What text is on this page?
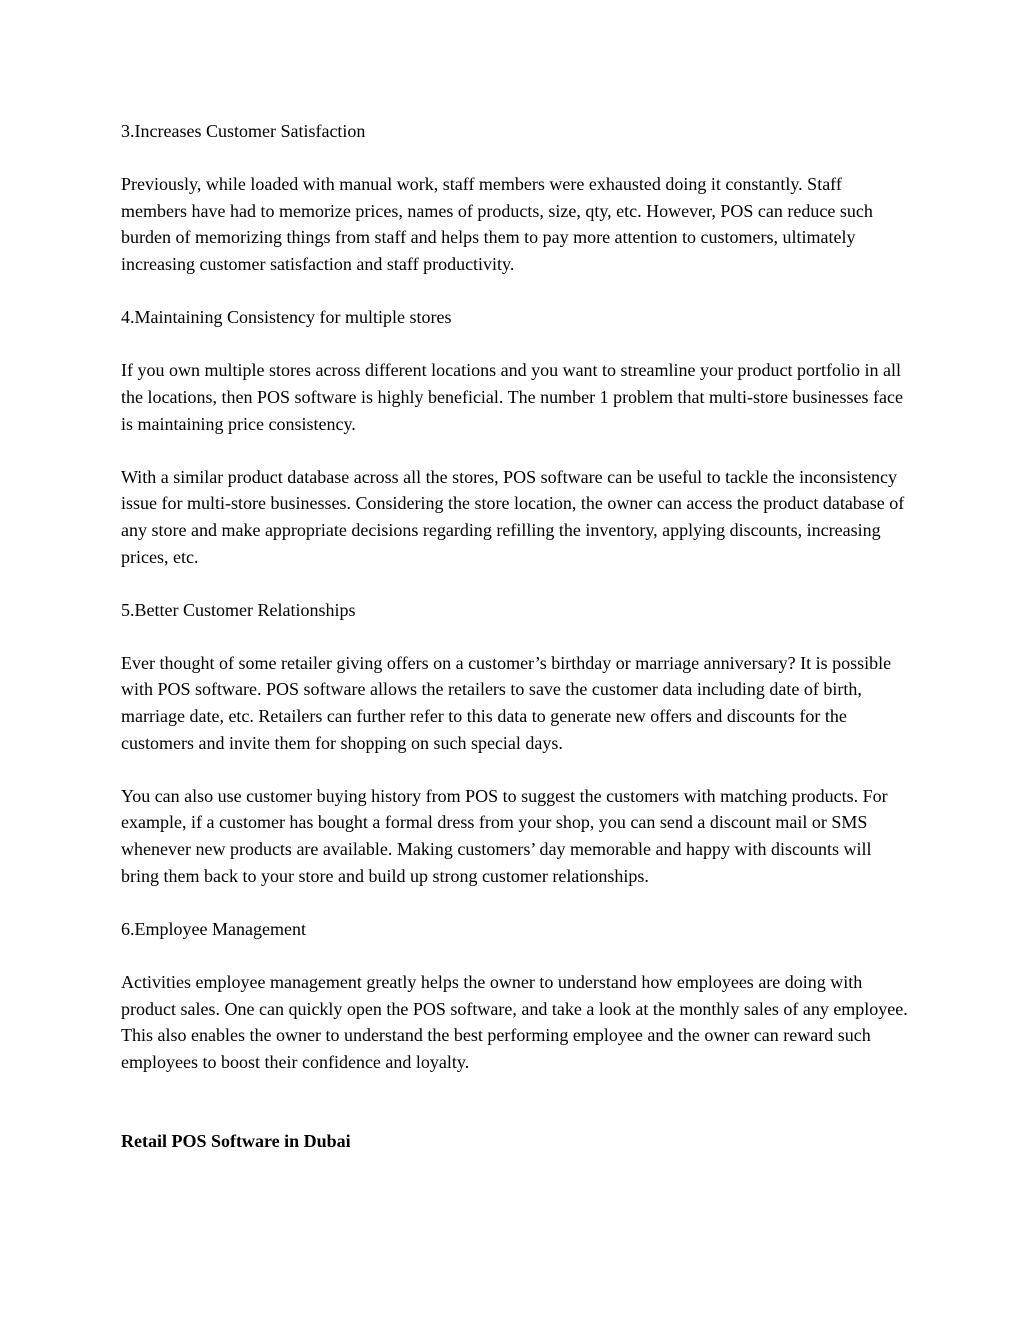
3.Increases Customer Satisfaction
Previously, while loaded with manual work, staff members were exhausted doing it constantly. Staff members have had to memorize prices, names of products, size, qty, etc. However, POS can reduce such burden of memorizing things from staff and helps them to pay more attention to customers, ultimately increasing customer satisfaction and staff productivity.
4.Maintaining Consistency for multiple stores
If you own multiple stores across different locations and you want to streamline your product portfolio in all the locations, then POS software is highly beneficial. The number 1 problem that multi-store businesses face is maintaining price consistency.
With a similar product database across all the stores, POS software can be useful to tackle the inconsistency issue for multi-store businesses. Considering the store location, the owner can access the product database of any store and make appropriate decisions regarding refilling the inventory, applying discounts, increasing prices, etc.
5.Better Customer Relationships
Ever thought of some retailer giving offers on a customer’s birthday or marriage anniversary? It is possible with POS software. POS software allows the retailers to save the customer data including date of birth, marriage date, etc. Retailers can further refer to this data to generate new offers and discounts for the customers and invite them for shopping on such special days.
You can also use customer buying history from POS to suggest the customers with matching products. For example, if a customer has bought a formal dress from your shop, you can send a discount mail or SMS whenever new products are available. Making customers’ day memorable and happy with discounts will bring them back to your store and build up strong customer relationships.
6.Employee Management
Activities employee management greatly helps the owner to understand how employees are doing with product sales. One can quickly open the POS software, and take a look at the monthly sales of any employee. This also enables the owner to understand the best performing employee and the owner can reward such employees to boost their confidence and loyalty.
Retail POS Software in Dubai
